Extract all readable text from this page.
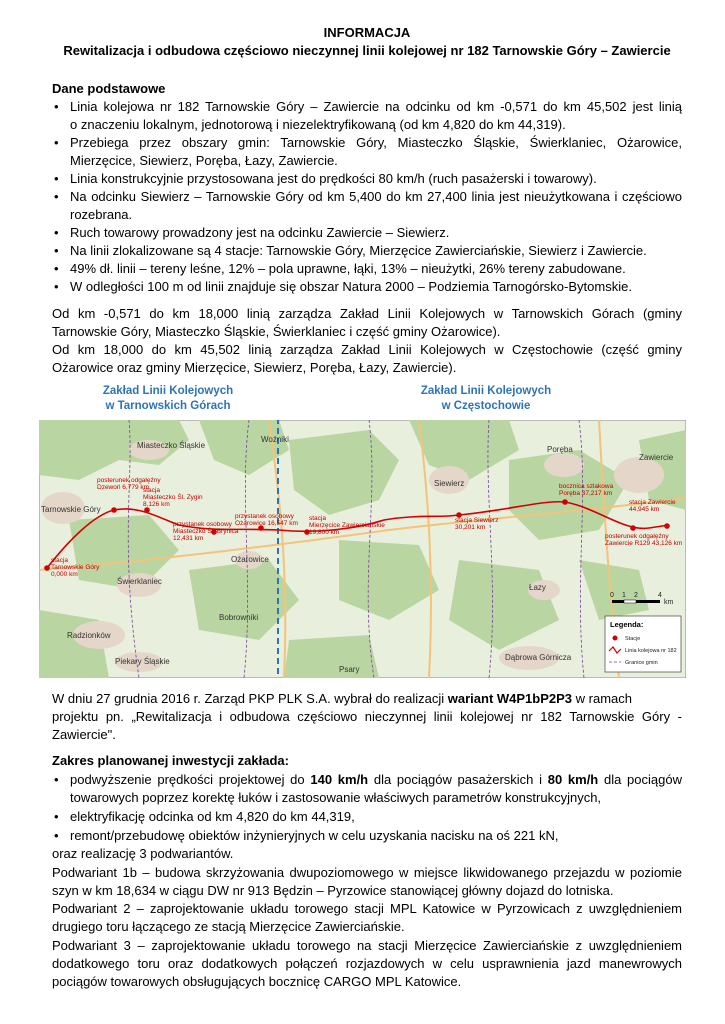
INFORMACJA
Rewitalizacja i odbudowa częściowo nieczynnej linii kolejowej nr 182 Tarnowskie Góry – Zawiercie
Dane podstawowe
• Linia kolejowa nr 182 Tarnowskie Góry – Zawiercie na odcinku od km -0,571 do km 45,502 jest linią
o znaczeniu lokalnym, jednotorową i niezelektryfikowaną (od km 4,820 do km 44,319).
• Przebiega przez obszary gmin: Tarnowskie Góry, Miasteczko Śląskie, Świerklaniec, Ożarowice,
Mierzęcice, Siewierz, Poręba, Łazy, Zawiercie.
• Linia konstrukcyjnie przystosowana jest do prędkości 80 km/h (ruch pasażerski i towarowy).
• Na odcinku Siewierz – Tarnowskie Góry od km 5,400 do km 27,400 linia jest nieużytkowana i częściowo
rozebrana.
• Ruch towarowy prowadzony jest na odcinku Zawiercie – Siewierz.
• Na linii zlokalizowane są 4 stacje: Tarnowskie Góry, Mierzęcice Zawierciańskie, Siewierz i Zawiercie.
• 49% dł. linii – tereny leśne, 12% – pola uprawne, łąki, 13% – nieużytki, 26% tereny zabudowane.
• W odległości 100 m od linii znajduje się obszar Natura 2000 – Podziemia Tarnogórsko-Bytomskie.
Od km -0,571 do km 18,000 linią zarządza Zakład Linii Kolejowych w Tarnowskich Górach (gminy
Tarnowskie Góry, Miasteczko Śląskie, Świerklaniec i część gminy Ożarowice).
Od km 18,000 do km 45,502 linią zarządza Zakład Linii Kolejowych w Częstochowie (część gminy
Ożarowice oraz gminy Mierzęcice, Siewierz, Poręba, Łazy, Zawiercie).
Zakład Linii Kolejowych
w Tarnowskich Górach
Zakład Linii Kolejowych
w Częstochowie
Miasteczko Śląskie
Tarnowskie Góry
Woźniki
Siewierz
Poręba
Zawiercie
Świerklaniec
Ożarowice
Bobrowniki
Radzionków
Piekary Śląskie
Psary
Łazy
Dąbrowa Górnicza
stacja
Tarnowskie Góry
0,000 km
posterunek odgałęźny
Dzewoń 6,779 km
stacja
Miasteczko Śl. Zygin
8,126 km
przystanek osobowy
Miasteczko Śl. Brynica
12,431 km
przystanek osobowy
Ożarowice 16,547 km
stacja
Mierzęcice Zawierciańskie
19,800 km
stacja Siewierz
30,201 km
bocznica szlakowa
Poręba 37,217 km
stacja Zawiercie
44,945 km
posterunek odgałęźny
Zawiercie R129 43,126 km
0 1 2	4
km
Legenda:
Stacje
Linia kolejowa nr 182
Granice gmin
W dniu 27 grudnia 2016 r. Zarząd PKP PLK S.A. wybrał do realizacji wariant W4P1bP2P3 w ramach
projektu pn. „Rewitalizacja i odbudowa częściowo nieczynnej linii kolejowej nr 182 Tarnowskie Góry -
Zawiercie".
Zakres planowanej inwestycji zakłada:
• podwyższenie prędkości projektowej do 140 km/h dla pociągów pasażerskich i 80 km/h dla pociągów
towarowych poprzez korektę łuków i zastosowanie właściwych parametrów konstrukcyjnych,
• elektryfikację odcinka od km 4,820 do km 44,319,
• remont/przebudowę obiektów inżynieryjnych w celu uzyskania nacisku na oś 221 kN,
oraz realizację 3 podwariantów.
Podwariant 1b – budowa skrzyżowania dwupoziomowego w miejsce likwidowanego przejazdu w poziomie
szyn w km 18,634 w ciągu DW nr 913 Będzin – Pyrzowice stanowiącej główny dojazd do lotniska.
Podwariant 2 – zaprojektowanie układu torowego stacji MPL Katowice w Pyrzowicach z uwzględnieniem
drugiego toru łączącego ze stacją Mierzęcice Zawierciańskie.
Podwariant 3 – zaprojektowanie układu torowego na stacji Mierzęcice Zawierciańskie z uwzględnieniem
dodatkowego toru oraz dodatkowych połączeń rozjazdowych w celu usprawnienia jazd manewrowych
pociągów towarowych obsługujących bocznicę CARGO MPL Katowice.
